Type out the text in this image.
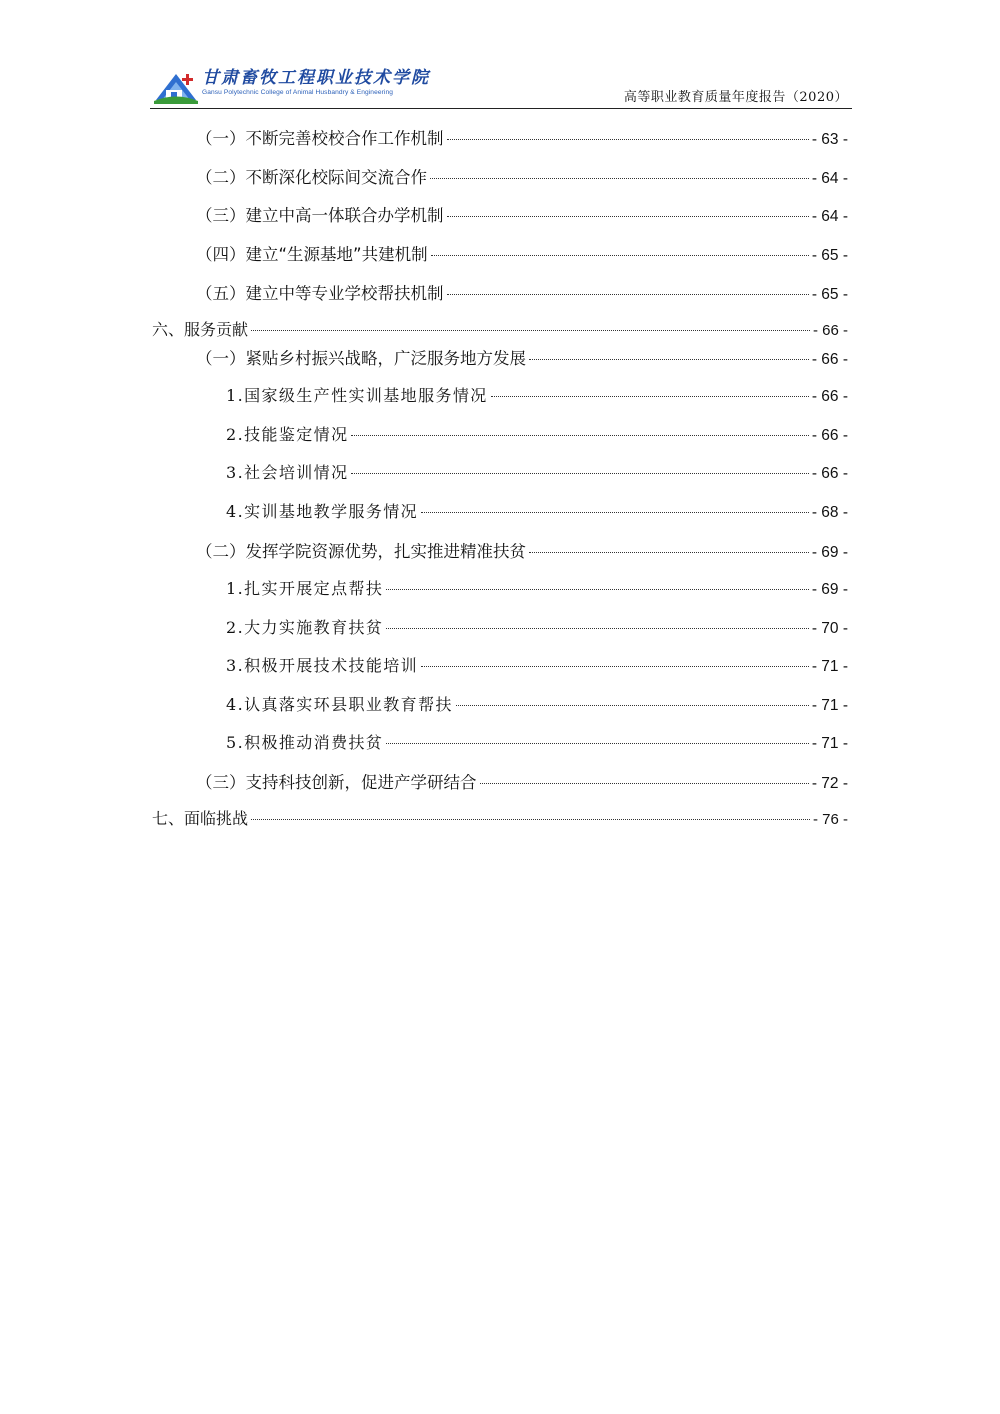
甘肃畜牧工程职业技术学院
Gansu Polytechnic College of Animal Husbandry & Engineering	高等职业教育质量年度报告（2020）
（一）不断完善校校合作工作机制	- 63 -
（二）不断深化校际间交流合作	- 64 -
（三）建立中高一体联合办学机制	- 64 -
（四）建立“生源基地”共建机制	- 65 -
（五）建立中等专业学校帮扶机制	- 65 -
六、服务贡献	- 66 -
（一）紧贴乡村振兴战略，广泛服务地方发展	- 66 -
1.国家级生产性实训基地服务情况	- 66 -
2.技能鉴定情况	- 66 -
3.社会培训情况	- 66 -
4.实训基地教学服务情况	- 68 -
（二）发挥学院资源优势，扎实推进精准扶贫	- 69 -
1.扎实开展定点帮扶	- 69 -
2.大力实施教育扶贫	- 70 -
3.积极开展技术技能培训	- 71 -
4.认真落实环县职业教育帮扶	- 71 -
5.积极推动消费扶贫	- 71 -
（三）支持科技创新，促进产学研结合	- 72 -
七、面临挑战	- 76 -
